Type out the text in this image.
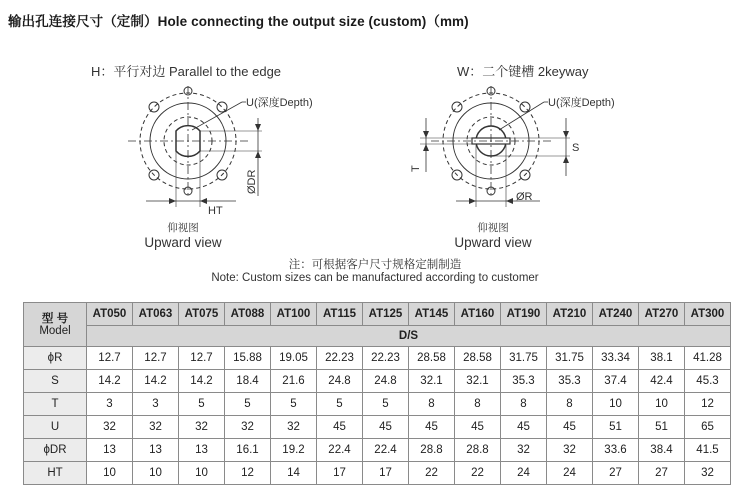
输出孔连接尺寸（定制）Hole connecting the output size (custom)（mm)
H：平行对边 Parallel to the edge	W：二个键槽 2keyway
U(深度Depth)
ØDR
HT
U(深度Depth)
S
T
ØR
仰视图
Upward view
仰视图
Upward view
注：可根据客户尺寸规格定制制造
Note: Custom sizes can be manufactured according to customer
型 号
Model	AT050	AT063	AT075	AT088	AT100	AT115	AT125	AT145	AT160	AT190	AT210	AT240	AT270	AT300
	D/S													
ϕR	12.7	12.7	12.7	15.88	19.05	22.23	22.23	28.58	28.58	31.75	31.75	33.34	38.1	41.28
S	14.2	14.2	14.2	18.4	21.6	24.8	24.8	32.1	32.1	35.3	35.3	37.4	42.4	45.3
T	3	3	5	5	5	5	5	8	8	8	8	10	10	12
U	32	32	32	32	32	45	45	45	45	45	45	51	51	65
ϕDR	13	13	13	16.1	19.2	22.4	22.4	28.8	28.8	32	32	33.6	38.4	41.5
HT	10	10	10	12	14	17	17	22	22	24	24	27	27	32
